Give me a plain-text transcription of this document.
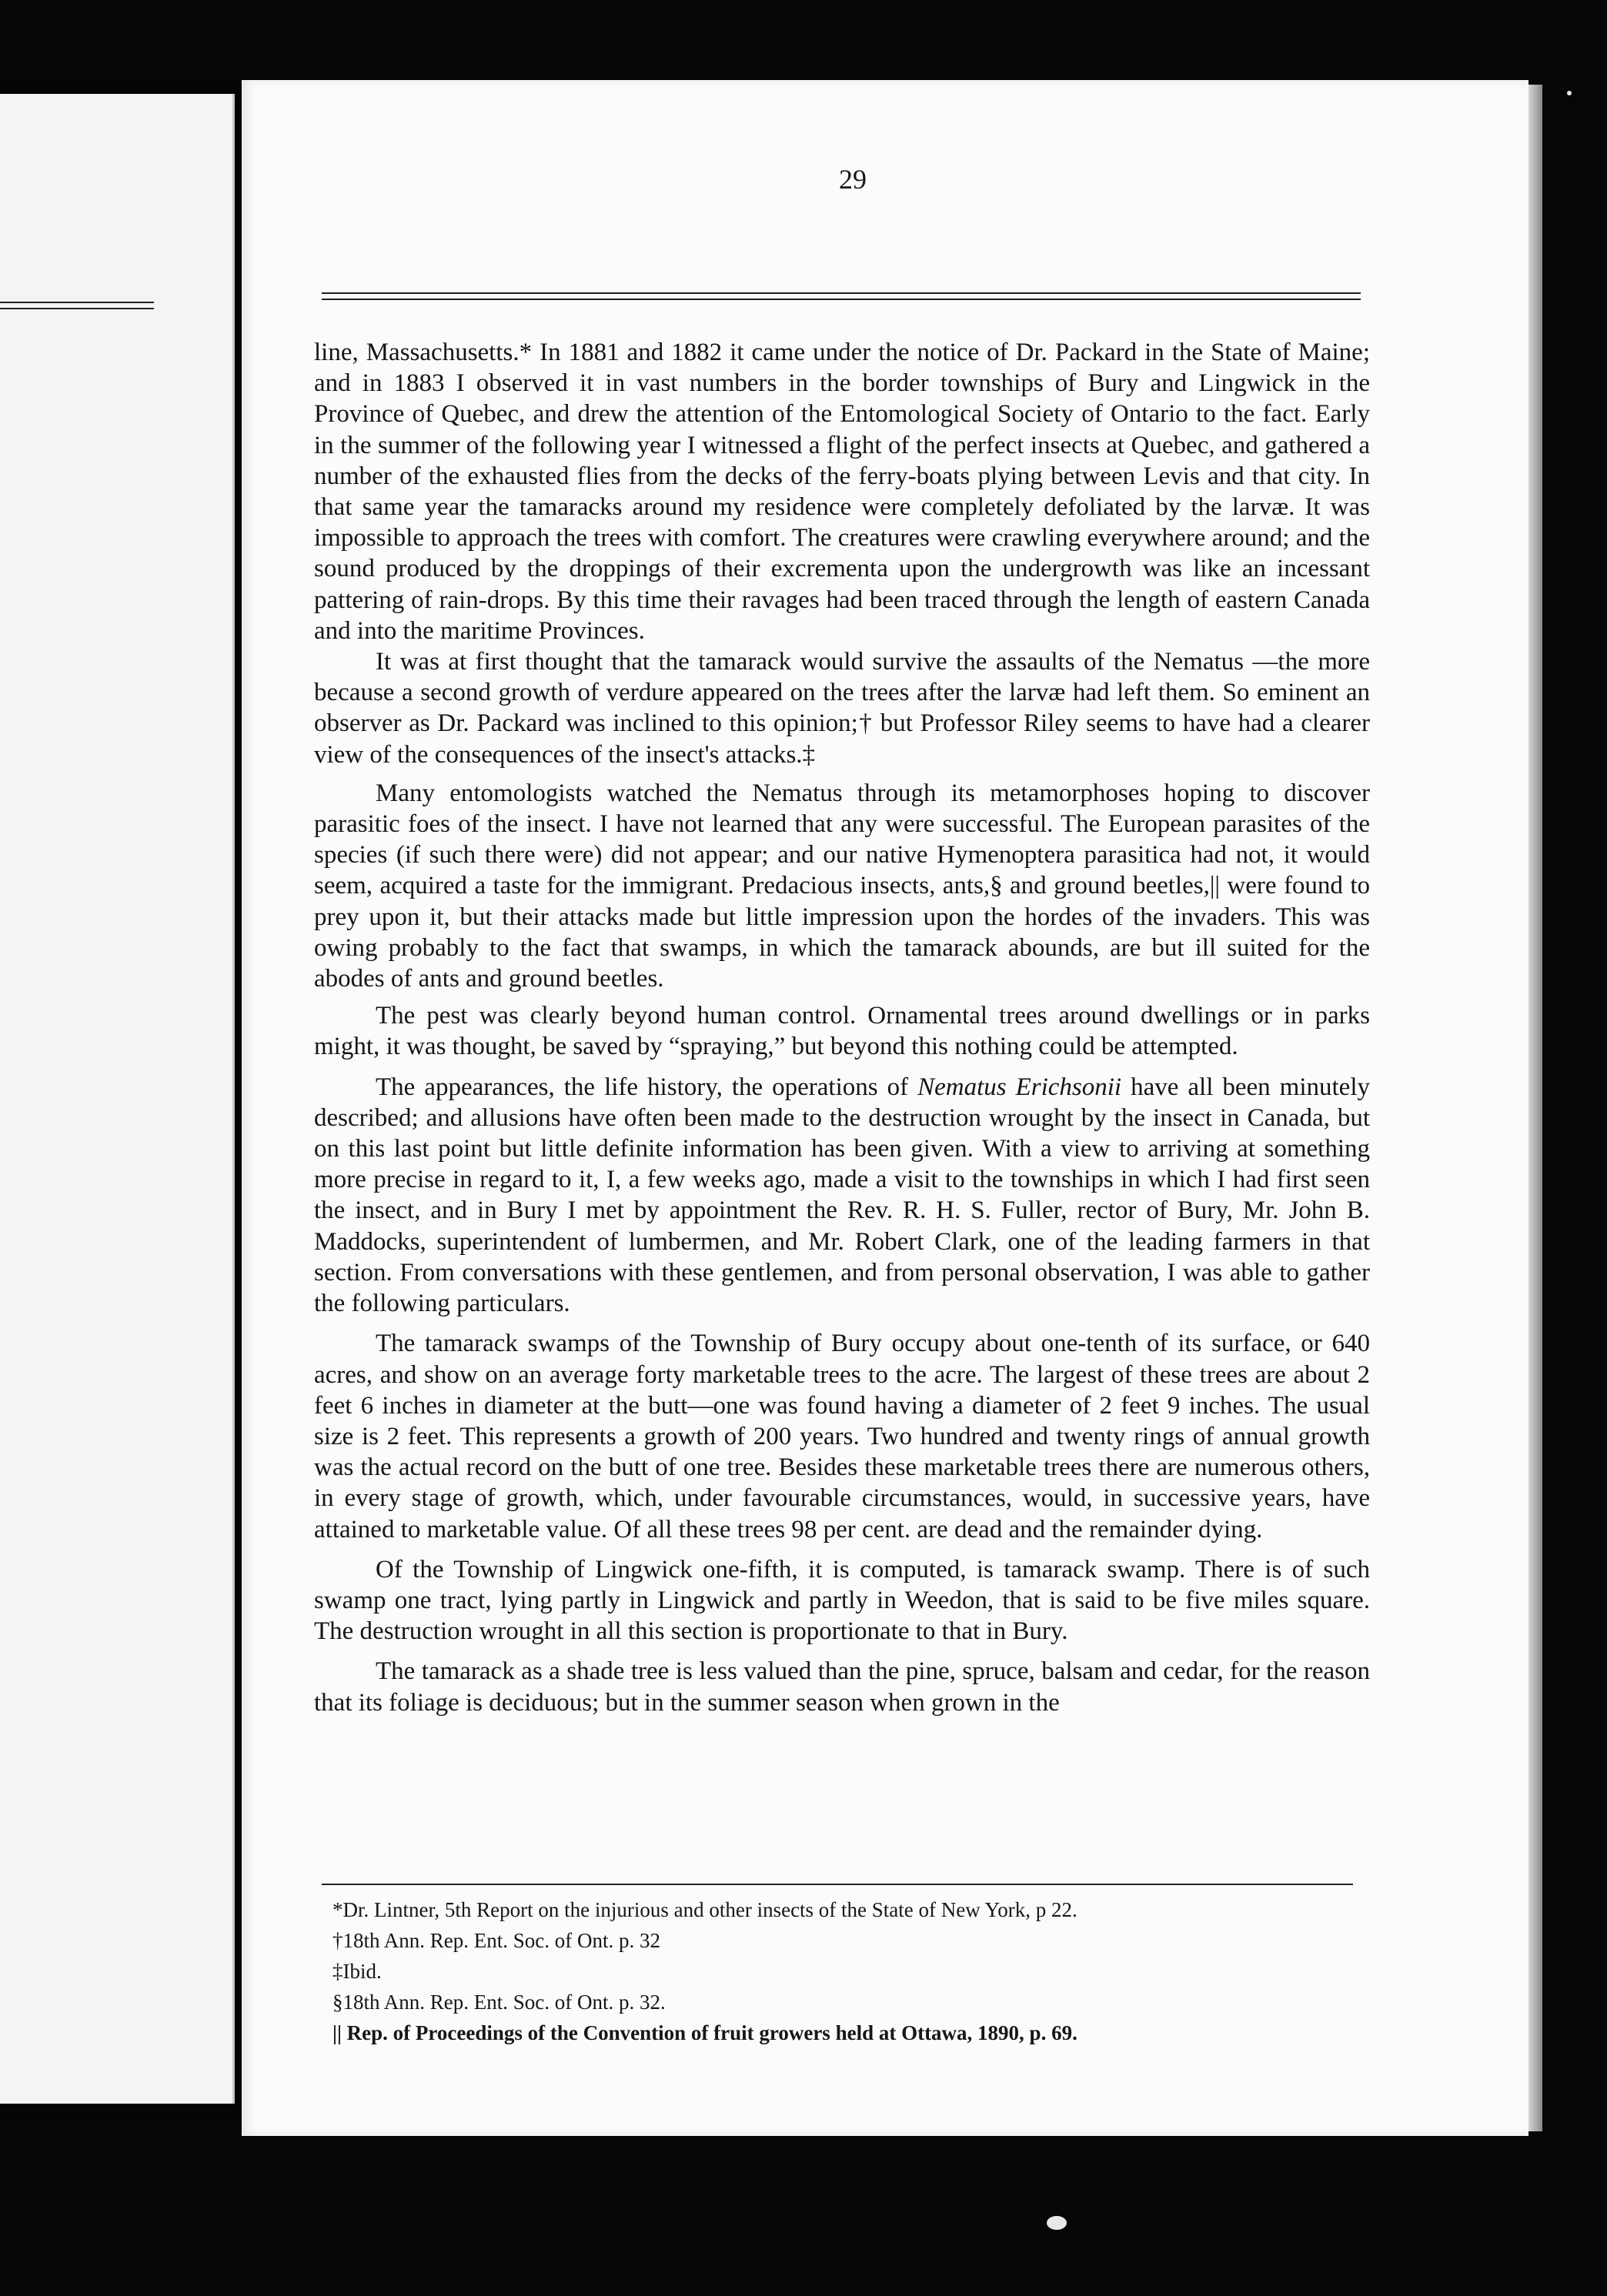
29

line, Massachusetts.* In 1881 and 1882 it came under the notice of Dr. Packard in the State of Maine; and in 1883 I observed it in vast numbers in the border townships of Bury and Lingwick in the Province of Quebec, and drew the attention of the Entomological Society of Ontario to the fact. Early in the summer of the following year I witnessed a flight of the perfect insects at Quebec, and gathered a number of the exhausted flies from the decks of the ferry-boats plying between Levis and that city. In that same year the tamaracks around my residence were completely defoliated by the larvæ. It was impossible to approach the trees with comfort. The creatures were crawling everywhere around; and the sound produced by the droppings of their excrementa upon the undergrowth was like an incessant pattering of rain-drops. By this time their ravages had been traced through the length of eastern Canada and into the maritime Provinces.

It was at first thought that the tamarack would survive the assaults of the Nematus —the more because a second growth of verdure appeared on the trees after the larvæ had left them. So eminent an observer as Dr. Packard was inclined to this opinion;† but Professor Riley seems to have had a clearer view of the consequences of the insect's attacks.‡

Many entomologists watched the Nematus through its metamorphoses hoping to discover parasitic foes of the insect. I have not learned that any were successful. The European parasites of the species (if such there were) did not appear; and our native Hymenoptera parasitica had not, it would seem, acquired a taste for the immigrant. Predacious insects, ants,§ and ground beetles,|| were found to prey upon it, but their attacks made but little impression upon the hordes of the invaders. This was owing probably to the fact that swamps, in which the tamarack abounds, are but ill suited for the abodes of ants and ground beetles.

The pest was clearly beyond human control. Ornamental trees around dwellings or in parks might, it was thought, be saved by “spraying,” but beyond this nothing could be attempted.

The appearances, the life history, the operations of Nematus Erichsonii have all been minutely described; and allusions have often been made to the destruction wrought by the insect in Canada, but on this last point but little definite information has been given. With a view to arriving at something more precise in regard to it, I, a few weeks ago, made a visit to the townships in which I had first seen the insect, and in Bury I met by appointment the Rev. R. H. S. Fuller, rector of Bury, Mr. John B. Maddocks, superintendent of lumbermen, and Mr. Robert Clark, one of the leading farmers in that section. From conversations with these gentlemen, and from personal observation, I was able to gather the following particulars.

The tamarack swamps of the Township of Bury occupy about one-tenth of its surface, or 640 acres, and show on an average forty marketable trees to the acre. The largest of these trees are about 2 feet 6 inches in diameter at the butt—one was found having a diameter of 2 feet 9 inches. The usual size is 2 feet. This represents a growth of 200 years. Two hundred and twenty rings of annual growth was the actual record on the butt of one tree. Besides these marketable trees there are numerous others, in every stage of growth, which, under favourable circumstances, would, in successive years, have attained to marketable value. Of all these trees 98 per cent. are dead and the remainder dying.

Of the Township of Lingwick one-fifth, it is computed, is tamarack swamp. There is of such swamp one tract, lying partly in Lingwick and partly in Weedon, that is said to be five miles square. The destruction wrought in all this section is proportionate to that in Bury.

The tamarack as a shade tree is less valued than the pine, spruce, balsam and cedar, for the reason that its foliage is deciduous; but in the summer season when grown in the

*Dr. Lintner, 5th Report on the injurious and other insects of the State of New York, p 22.
†18th Ann. Rep. Ent. Soc. of Ont. p. 32
‡Ibid.
§18th Ann. Rep. Ent. Soc. of Ont. p. 32.
|| Rep. of Proceedings of the Convention of fruit growers held at Ottawa, 1890, p. 69.
